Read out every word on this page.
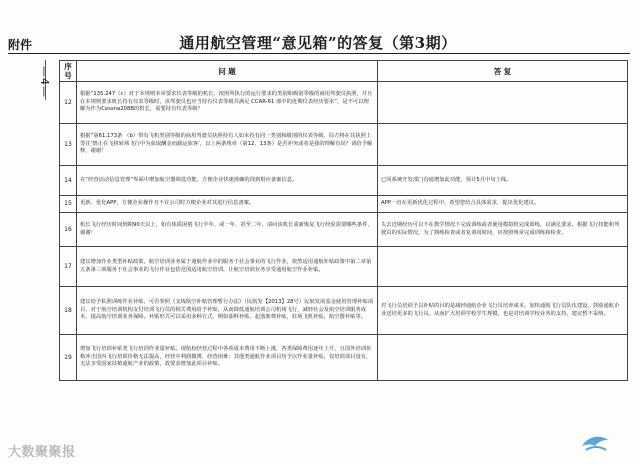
附件	通用航空管理“意见箱”的答复（第3期）
—4— 序号	问 题	答 复
12	根据“135.247（c）对于本规则本章要求仪表等级的机长、按照所执行的运行要求的类别和级别等级的商用驾驶员执照，并且在本规则要求机长持有仪表等级时，该驾驶员也应当持有仪表等级并满足 CCAR-61 部中的近期仪表经历要求”，是不可以理解为作为Cessna208B的机长，需要持有仪表等级？	
13	根据“第61.173条 （b）带有飞机类别等级的商用驾驶员执照持有人如未持有同一类别和级别的仪表等级，局方将在其执照上签注‘禁止在飞机转场飞行中为获取酬金而载运旅客’，以上两条规章（第12、13条）是否冲突或者是我的理解有误？请给予解释，谢谢！	
14	在“经营活动信息管理”界面中增加航空器筛选功能，方便企业快速准确的找到相应备案信息。	已同系统开发部门沟通增加此功能，预计5月中旬上线。
15	更新、优化APP，方便企业操作且不在公司时方便企业对其进行信息备案。	APP一直在更新优化过程中，希望您结合具体需求，提出优化建议。
16	机长飞行经历时间到期90天以上，如有体质困倦飞行半年、或一年、甚至二年，请问该机长重新恢复飞行经验需要哪些条件，谢谢！	失去近期经历可以不在教学情况下完成训练或者使用模拟机完成训练，以满足要求，根据飞行技能和驾驶员的实际情况，为了熟练检查或者复训用时间，应按照规章完成训练和检查。
17	建议增加作业类型补贴政策，航空培训业务属于通航作业中的服务于社会事业的飞行作业，依然适用通航补贴政策中第二章第五条第三项服务于社会事业的飞行作业包括范围适用航空培训，让航空培训业务享受通用航空作业补贴。	
18	建议给予私照训练作业补贴，可否参照《支线航空补贴管理暂行办法》（民航发【2013】28号）民航发展基金使用管理补贴项目，对于航空培训机构支付培训飞行员的相关费用给予补贴，从而降低通航培训公司机场飞行，减轻社会及航空培训服务成本，提高航空培训业务保障。补贴形式可以采用多种方式，例如油料补贴，起落架费补贴，驻场飞机补贴，航空器补贴等。	对飞行员培训予以补贴的目的是减轻通航企业飞行员培养成本。加快通航飞行员队伍建设，鼓励通航企业送培更多的飞行员。从而扩大培训学校学生规模，也是对培训学校业务的支持，建议暂不采纳。
19	增加飞行培训补贴类飞行培训作业量补贴。现航校经营过程中各项成本费用不断上涨，各类保障费用逐年上升，且国外培训价格冲击国内飞行培训价格无法提高，经营中利润微薄，经营困难；其他类通航作业项目均予以作业量补贴，仅培训项目没有，无法享受国家扶植通航产业的政策，故要求增加此项目补贴。	
大数聚聚报
